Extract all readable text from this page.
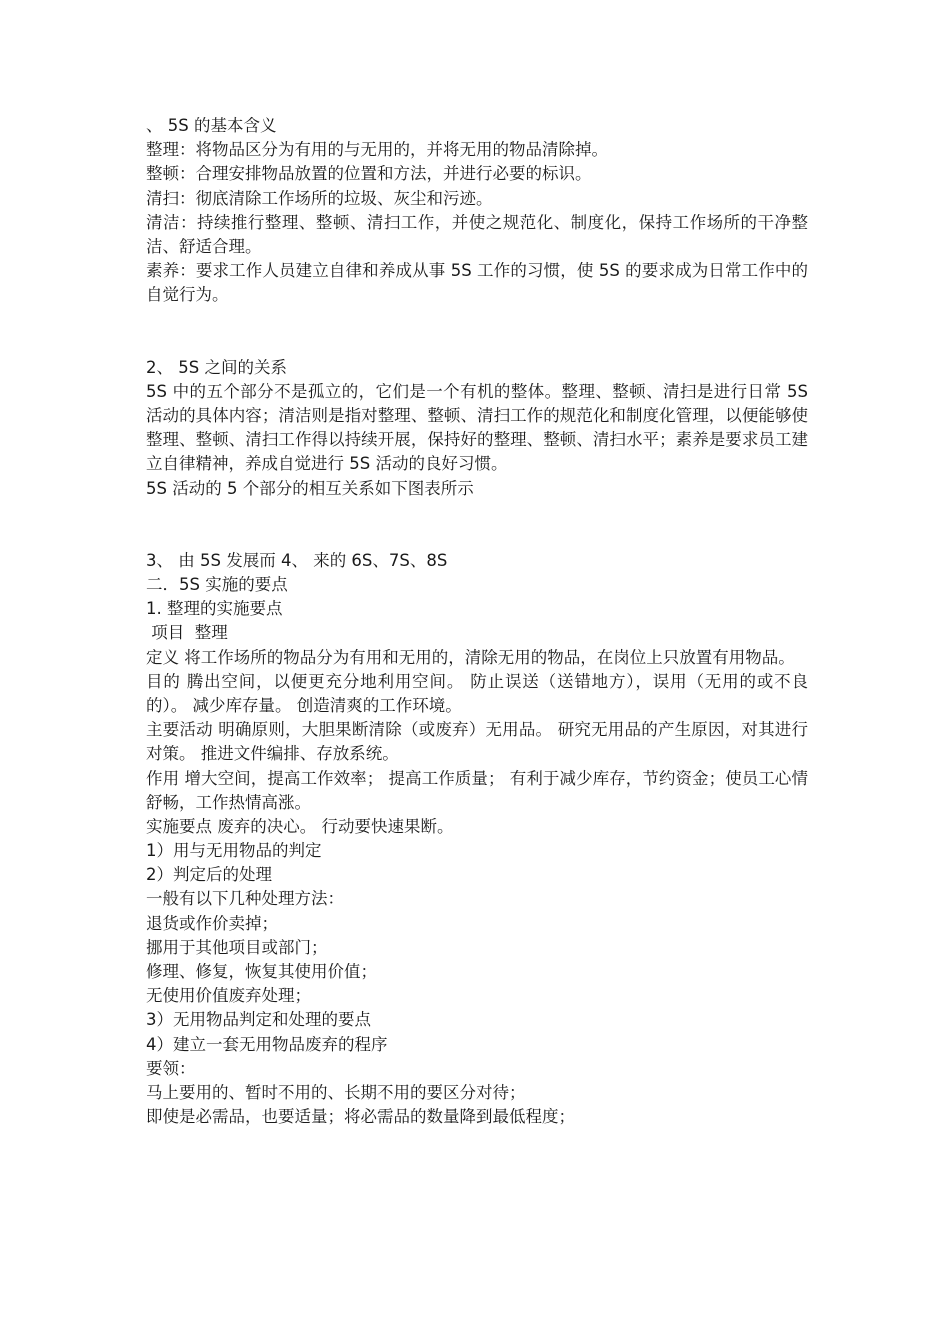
、 5S 的基本含义
整理：将物品区分为有用的与无用的，并将无用的物品清除掉。
整顿：合理安排物品放置的位置和方法，并进行必要的标识。
清扫：彻底清除工作场所的垃圾、灰尘和污迹。
清洁：持续推行整理、整顿、清扫工作，并使之规范化、制度化，保持工作场所的干净整洁、舒适合理。
素养：要求工作人员建立自律和养成从事 5S 工作的习惯，使 5S 的要求成为日常工作中的自觉行为。
2、 5S 之间的关系
5S 中的五个部分不是孤立的，它们是一个有机的整体。整理、整顿、清扫是进行日常 5S 活动的具体内容；清洁则是指对整理、整顿、清扫工作的规范化和制度化管理，以便能够使整理、整顿、清扫工作得以持续开展，保持好的整理、整顿、清扫水平；素养是要求员工建立自律精神，养成自觉进行 5S 活动的良好习惯。
5S 活动的 5 个部分的相互关系如下图表所示
3、 由 5S 发展而 4、 来的 6S、7S、8S
二．5S 实施的要点
1. 整理的实施要点
项目  整理
定义 将工作场所的物品分为有用和无用的，清除无用的物品，在岗位上只放置有用物品。
目的 腾出空间，以便更充分地利用空间。 防止误送（送错地方），误用（无用的或不良的）。 减少库存量。 创造清爽的工作环境。
主要活动 明确原则，大胆果断清除（或废弃）无用品。 研究无用品的产生原因，对其进行对策。 推进文件编排、存放系统。
作用 增大空间，提高工作效率； 提高工作质量； 有利于减少库存，节约资金；使员工心情舒畅，工作热情高涨。
实施要点 废弃的决心。 行动要快速果断。
1）用与无用物品的判定
2）判定后的处理
一般有以下几种处理方法：
退货或作价卖掉；
挪用于其他项目或部门；
修理、修复，恢复其使用价值；
无使用价值废弃处理；
3）无用物品判定和处理的要点
4）建立一套无用物品废弃的程序
要领：
马上要用的、暂时不用的、长期不用的要区分对待；
即使是必需品，也要适量；将必需品的数量降到最低程度；
